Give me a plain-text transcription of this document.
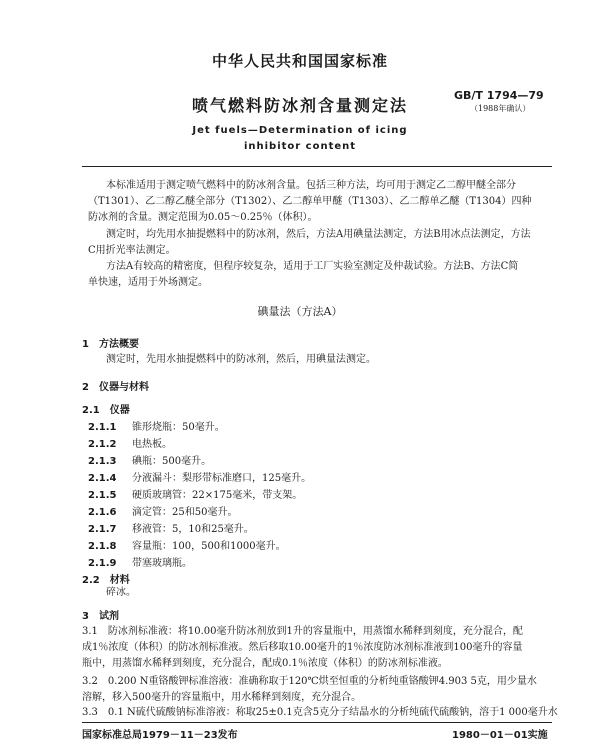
中华人民共和国国家标准
GB/T 1794—79
（1988年确认）
喷气燃料防冰剂含量测定法
Jet fuels—Determination of icing
inhibitor content
本标准适用于测定喷气燃料中的防冰剂含量。包括三种方法，均可用于测定乙二醇甲醚全部分
（T1301）、乙二醇乙醚全部分（T1302）、乙二醇单甲醚（T1303）、乙二醇单乙醚（T1304）四种
防冰剂的含量。测定范围为0.05～0.25％（体积）。
测定时，均先用水抽提燃料中的防冰剂，然后，方法A用碘量法测定，方法B用冰点法测定，方法
C用折光率法测定。
方法A有较高的精密度，但程序较复杂，适用于工厂实验室测定及仲裁试验。方法B、方法C简
单快速，适用于外场测定。
碘量法（方法A）
1　方法概要
测定时，先用水抽提燃料中的防冰剂，然后，用碘量法测定。
2　仪器与材料
2.1　仪器
2.1.1 锥形烧瓶：50毫升。
2.1.2 电热板。
2.1.3 碘瓶：500毫升。
2.1.4 分液漏斗：梨形带标准磨口，125毫升。
2.1.5 硬质玻璃管：22×175毫米，带支架。
2.1.6 滴定管：25和50毫升。
2.1.7 移液管：5，10和25毫升。
2.1.8 容量瓶：100，500和1000毫升。
2.1.9 带塞玻璃瓶。
2.2　材料
碎冰。
3　试剂
3.1　防冰剂标准液：将10.00毫升防冰剂放到1升的容量瓶中，用蒸馏水稀释到刻度，充分混合，配
成1％浓度（体积）的防冰剂标准液。然后移取10.00毫升的1％浓度防冰剂标准液到100毫升的容量
瓶中，用蒸馏水稀释到刻度，充分混合，配成0.1％浓度（体积）的防冰剂标准液。
3.2　0.200 N重铬酸钾标准溶液：准确称取于120℃烘至恒重的分析纯重铬酸钾4.903 5克，用少量水
溶解，移入500毫升的容量瓶中，用水稀释到刻度，充分混合。
3.3　0.1 N硫代硫酸钠标准溶液：称取25±0.1克含5克分子结晶水的分析纯硫代硫酸钠，溶于1 000毫升水
国家标准总局1979－11－23发布	1980－01－01实施
